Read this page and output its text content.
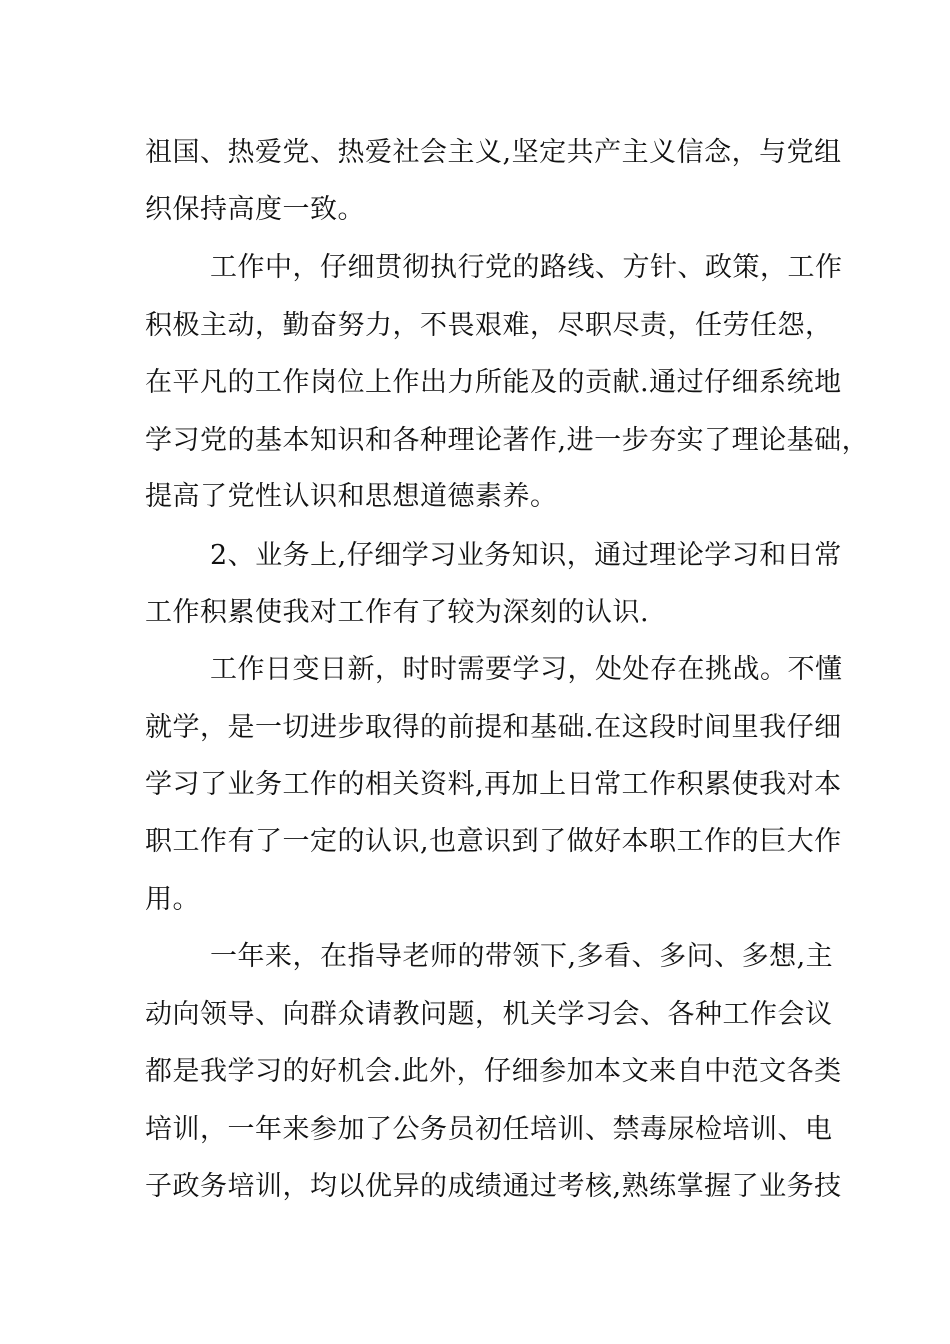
祖国、热爱党、热爱社会主义,坚定共产主义信念，与党组
织保持高度一致。
工作中，仔细贯彻执行党的路线、方针、政策，工作
积极主动，勤奋努力，不畏艰难，尽职尽责，任劳任怨，
在平凡的工作岗位上作出力所能及的贡献.通过仔细系统地
学习党的基本知识和各种理论著作,进一步夯实了理论基础，
提高了党性认识和思想道德素养。
2、业务上,仔细学习业务知识，通过理论学习和日常
工作积累使我对工作有了较为深刻的认识.
工作日变日新，时时需要学习，处处存在挑战。不懂
就学，是一切进步取得的前提和基础.在这段时间里我仔细
学习了业务工作的相关资料,再加上日常工作积累使我对本
职工作有了一定的认识,也意识到了做好本职工作的巨大作
用。
一年来，在指导老师的带领下,多看、多问、多想,主
动向领导、向群众请教问题，机关学习会、各种工作会议
都是我学习的好机会.此外，仔细参加本文来自中范文各类
培训，一年来参加了公务员初任培训、禁毒尿检培训、电
子政务培训，均以优异的成绩通过考核,熟练掌握了业务技
